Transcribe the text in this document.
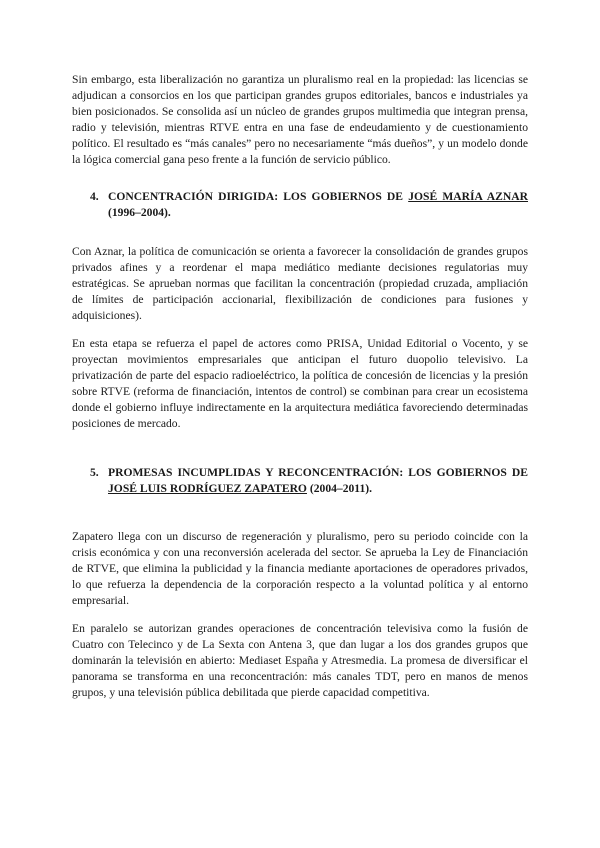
Sin embargo, esta liberalización no garantiza un pluralismo real en la propiedad: las licencias se adjudican a consorcios en los que participan grandes grupos editoriales, bancos e industriales ya bien posicionados. Se consolida así un núcleo de grandes grupos multimedia que integran prensa, radio y televisión, mientras RTVE entra en una fase de endeudamiento y de cuestionamiento político. El resultado es “más canales” pero no necesariamente “más dueños”, y un modelo donde la lógica comercial gana peso frente a la función de servicio público.

4. CONCENTRACIÓN DIRIGIDA: LOS GOBIERNOS DE JOSÉ MARÍA AZNAR (1996–2004).

Con Aznar, la política de comunicación se orienta a favorecer la consolidación de grandes grupos privados afines y a reordenar el mapa mediático mediante decisiones regulatorias muy estratégicas. Se aprueban normas que facilitan la concentración (propiedad cruzada, ampliación de límites de participación accionarial, flexibilización de condiciones para fusiones y adquisiciones).

En esta etapa se refuerza el papel de actores como PRISA, Unidad Editorial o Vocento, y se proyectan movimientos empresariales que anticipan el futuro duopolio televisivo. La privatización de parte del espacio radioeléctrico, la política de concesión de licencias y la presión sobre RTVE (reforma de financiación, intentos de control) se combinan para crear un ecosistema donde el gobierno influye indirectamente en la arquitectura mediática favoreciendo determinadas posiciones de mercado.

5. PROMESAS INCUMPLIDAS Y RECONCENTRACIÓN: LOS GOBIERNOS DE JOSÉ LUIS RODRÍGUEZ ZAPATERO (2004–2011).

Zapatero llega con un discurso de regeneración y pluralismo, pero su periodo coincide con la crisis económica y con una reconversión acelerada del sector. Se aprueba la Ley de Financiación de RTVE, que elimina la publicidad y la financia mediante aportaciones de operadores privados, lo que refuerza la dependencia de la corporación respecto a la voluntad política y al entorno empresarial.

En paralelo se autorizan grandes operaciones de concentración televisiva como la fusión de Cuatro con Telecinco y de La Sexta con Antena 3, que dan lugar a los dos grandes grupos que dominarán la televisión en abierto: Mediaset España y Atresmedia. La promesa de diversificar el panorama se transforma en una reconcentración: más canales TDT, pero en manos de menos grupos, y una televisión pública debilitada que pierde capacidad competitiva.
